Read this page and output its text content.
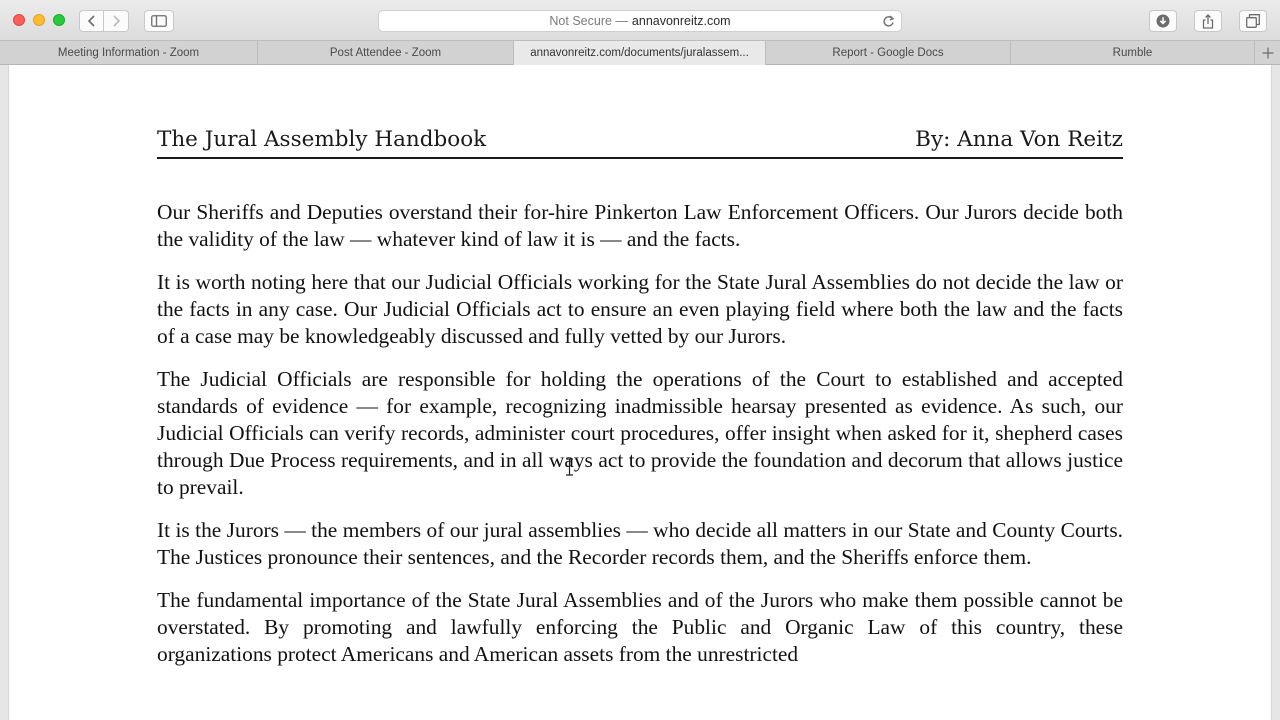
Not Secure — annavonreitz.com
Meeting Information - Zoom	Post Attendee - Zoom	annavonreitz.com/documents/juralassem...	Report - Google Docs	Rumble
The Jural Assembly Handbook	By: Anna Von Reitz

Our Sheriffs and Deputies overstand their for-hire Pinkerton Law Enforcement Officers. Our Jurors decide both the validity of the law — whatever kind of law it is — and the facts.

It is worth noting here that our Judicial Officials working for the State Jural Assemblies do not decide the law or the facts in any case. Our Judicial Officials act to ensure an even playing field where both the law and the facts of a case may be knowledgeably discussed and fully vetted by our Jurors.

The Judicial Officials are responsible for holding the operations of the Court to established and accepted standards of evidence — for example, recognizing inadmissible hearsay presented as evidence. As such, our Judicial Officials can verify records, administer court procedures, offer insight when asked for it, shepherd cases through Due Process requirements, and in all ways act to provide the foundation and decorum that allows justice to prevail.

It is the Jurors — the members of our jural assemblies — who decide all matters in our State and County Courts. The Justices pronounce their sentences, and the Recorder records them, and the Sheriffs enforce them.

The fundamental importance of the State Jural Assemblies and of the Jurors who make them possible cannot be overstated. By promoting and lawfully enforcing the Public and Organic Law of this country, these organizations protect Americans and American assets from the unrestricted
